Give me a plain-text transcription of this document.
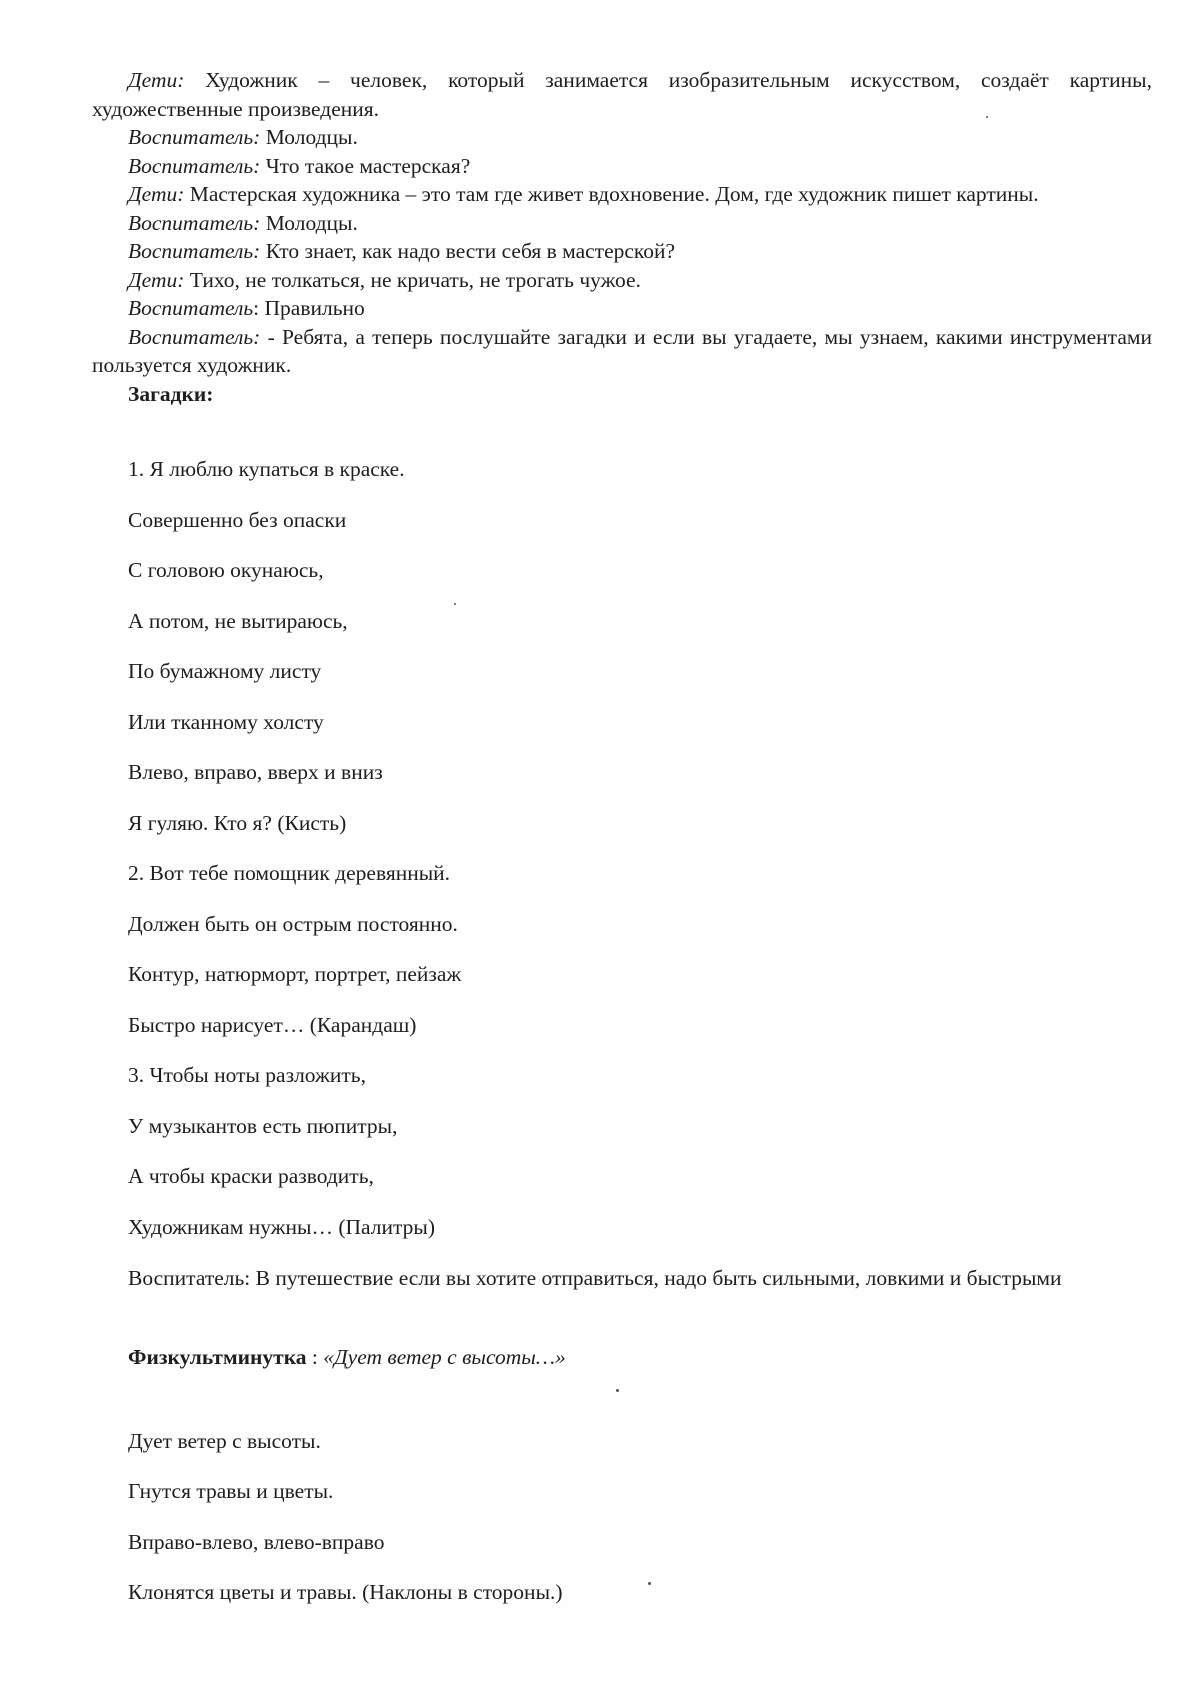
Дети: Художник – человек, который занимается изобразительным искусством, создаёт картины, художественные произведения.

Воспитатель: Молодцы.

Воспитатель: Что такое мастерская?

Дети: Мастерская художника – это там где живет вдохновение. Дом, где художник пишет картины.

Воспитатель: Молодцы.

Воспитатель: Кто знает, как надо вести себя в мастерской?

Дети: Тихо, не толкаться, не кричать, не трогать чужое.

Воспитатель: Правильно

Воспитатель: - Ребята, а теперь послушайте загадки и если вы угадаете, мы узнаем, какими инструментами пользуется художник.

Загадки:

1. Я люблю купаться в краске.

Совершенно без опаски

С головою окунаюсь,

А потом, не вытираюсь,

По бумажному листу

Или тканному холсту

Влево, вправо, вверх и вниз

Я гуляю. Кто я? (Кисть)

2. Вот тебе помощник деревянный.

Должен быть он острым постоянно.

Контур, натюрморт, портрет, пейзаж

Быстро нарисует… (Карандаш)

3. Чтобы ноты разложить,

У музыкантов есть пюпитры,

А чтобы краски разводить,

Художникам нужны… (Палитры)

Воспитатель: В путешествие если вы хотите отправиться, надо быть сильными, ловкими и быстрыми

Физкультминутка : «Дует ветер с высоты…»

Дует ветер с высоты.

Гнутся травы и цветы.

Вправо-влево, влево-вправо

Клонятся цветы и травы. (Наклоны в стороны.)
